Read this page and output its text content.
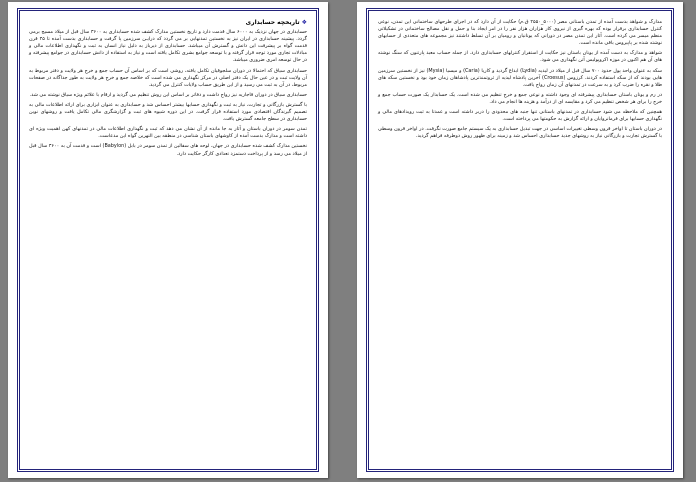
❖تاریخچه حسابداری

حسابداری در جهان نزدیک به ۶۰۰۰ سال قدمت دارد و تاریخ نخستین مدارک کشف شده حسابداری به ۳۶۰۰ سال قبل از میلاد مسیح برمی گردد. پیشینه حسابداری در ایران نیز به نخستین تمدنهایی بر می گردد که درایـن سرزمین پا گرفت و حسابداری بدست آمده تا ۴۵ قرن قدمت گواه بر پیشرفت این دانش و گسترش آن میباشد. حسابداری از دیرباز به دلیل نیاز انسان به ثبت و نگهداری اطلاعات مالی و مبادلات تجاری مورد توجه قرار گرفته و با توسعه جوامع بشری تکامل یافته است و نیاز به استفاده از دانش حسابداری در جوامع پیشرفته و در حال توسعه امری ضروری میباشد.

حسابداری سیاق که احتمالا در دوران سلجوقیان تکامل یافته، روشی است که بر اساس آن حساب جمع و خرج هر ولایت و دفتر مربوط به آن ولایت ثبت و در عین حال یک دفتر اصلی در مرکز نگهداری می شده است که خلاصه جمع و خرج هر ولایت به طور جداگانه در صفحات مربوط، در آن به ثبت می رسید و از این طریق حساب ولایات کنترل می گردید.

حسابداری سیاق در دوران قاجاریه نیز رواج داشت و دفاتر بر اساس این روش تنظیم می گردید و ارقام با علائم ویژه سیاق نوشته می شد.

با گسترش بازرگانی و تجارت، نیاز به ثبت و نگهداری حسابها بیشتر احساس شد و حسابداری به عنوان ابزاری برای ارائه اطلاعات مالی به تصمیم گیرندگان اقتصادی مورد استفاده قرار گرفت. در این دوره شیوه های ثبت و گزارشگری مالی تکامل یافت و روشهای نوین حسابداری در سطح جامعه گسترش یافت.

تمدن سومر در دوران باستان و آثار به جا مانده از آن نشان می دهد که ثبت و نگهداری اطلاعات مالی در تمدنهای کهن اهمیت ویژه ای داشته است و مدارک بدست آمده از کاوشهای باستان شناسی در منطقه بین النهرین گواه این مدعاست.

نخستین مدارک کشف شده حسابداری در جهان، لوحه های سفالین از تمدن سومر در بابل (Babylon) است و قدمت آن به ۳۶۰۰ سال قبل از میلاد می رسد و از پرداخت دستمزد تعدادی کارگر حکایت دارد.

مدارک و شواهد بدست آمده از تمدن باستانی مصر (۵۰۰۰_۲۵۵۰ ق.م) حکایت از آن دارد که در اجرای طرحهای ساختمانی این تمدن، نوعی کنترل حسابداری برقرار بوده که بهره گیری از نیروی کار هزاران هزار نفر را در امر ایجاد بنا و حمل و نقل مصالح ساختمانی در تشکیلاتی منظم میسر می کرده است. آثار این تمدن مصر در دورانی که یونانیان و رومیان بر آن تسلط داشتند نیز مجموعه های متعددی از حسابهای نوشته شده بر پاپیروس باقی مانده است.

شواهد و مدارک به دست آمده از یونان باستان نیز حکایت از استقرار کنترلهای حسابداری دارد. از جمله حساب معبد پارتنون که سنگ نوشته های آن هم اکنون در موزه اکروپولیس آتن نگهداری می شود.

سکه به عنوان واحد پول حدود ۷۰۰ سال قبل از میلاد در لیدیه (Lydia) ابداع گردید و کاریا (Caria) و میسیا (Mysia) نیز از نخستین سرزمین هایی بودند که از سکه استفاده کردند. کرزوس (Croesus) آخرین پادشاه لیدیه از ثروتمندترین پادشاهان زمان خود بود و نخستین سکه های طلا و نقره را ضرب کرد و به سرعت در تمدنهای آن زمان رواج یافت.

در رم و یونان باستان حسابداری پیشرفته ای وجود داشته و نوعی جمع و خرج تنظیم می شده است. یک حسابدار یک صورت حساب جمع و خرج را برای هر شخص تنظیم می کرد و مقایسه ای از درآمد و هزینه ها انجام می داد.

همچنین که ملاحظه می شود حسابداری در تمدنهای باستانی تنها جنبه های محدودی را دربر داشته است و عمدتا به ثبت رویدادهای مالی و نگهداری حسابها برای فرمانروایان و ارائه گزارش به حکومتها می پرداخته است.

در دوران باستان تا اواخر قرون وسطی تغییرات اساسی در جهت تبدیل حسابداری به یک سیستم جامع صورت نگرفت. در اواخر قرون وسطی با گسترش تجارت و بازرگانی نیاز به روشهای جدید حسابداری احساس شد و زمینه برای ظهور روش دوطرفه فراهم گردید.
